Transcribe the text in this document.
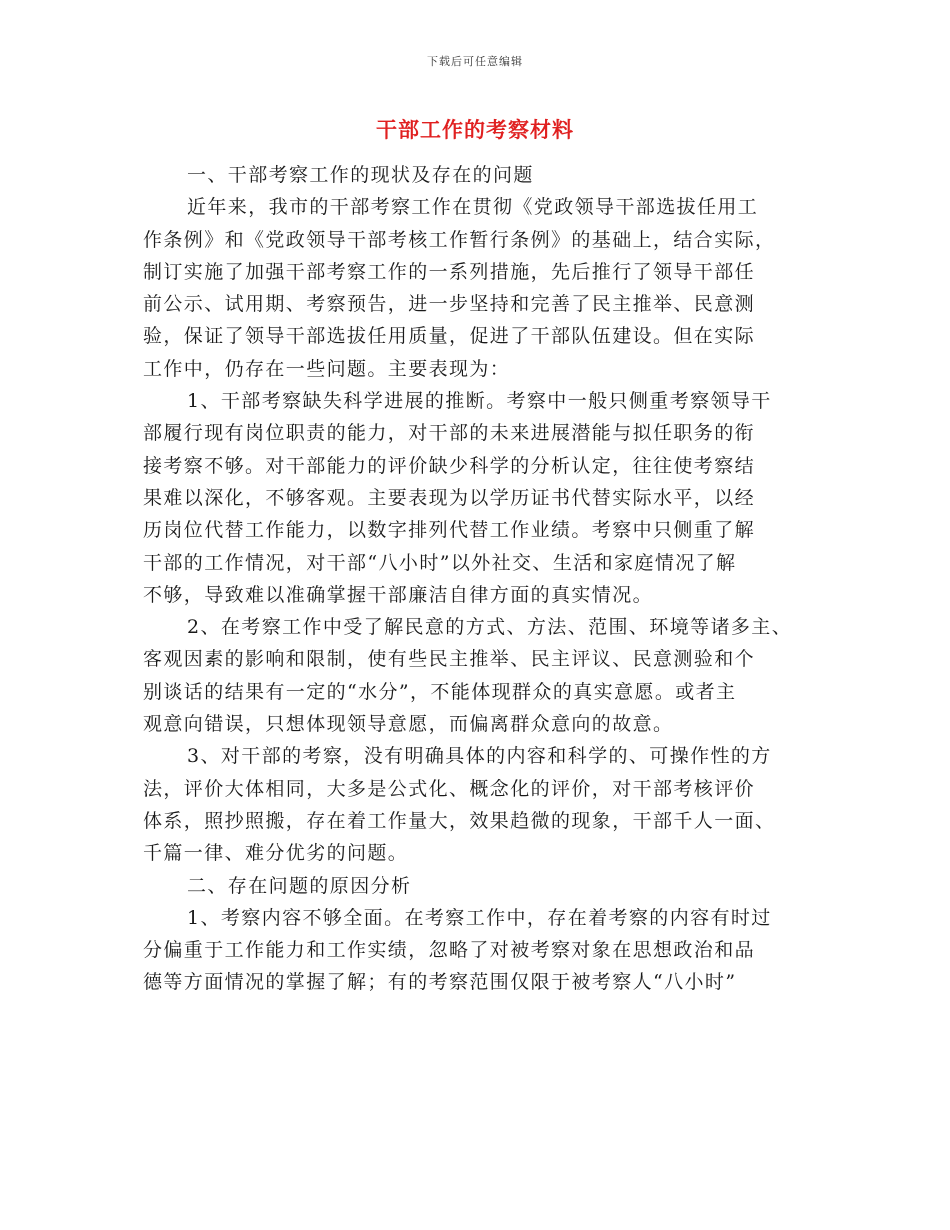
下载后可任意编辑
干部工作的考察材料
一、干部考察工作的现状及存在的问题
近年来，我市的干部考察工作在贯彻《党政领导干部选拔任用工
作条例》和《党政领导干部考核工作暂行条例》的基础上，结合实际，
制订实施了加强干部考察工作的一系列措施，先后推行了领导干部任
前公示、试用期、考察预告，进一步坚持和完善了民主推举、民意测
验，保证了领导干部选拔任用质量，促进了干部队伍建设。但在实际
工作中，仍存在一些问题。主要表现为：
1、干部考察缺失科学进展的推断。考察中一般只侧重考察领导干
部履行现有岗位职责的能力，对干部的未来进展潜能与拟任职务的衔
接考察不够。对干部能力的评价缺少科学的分析认定，往往使考察结
果难以深化，不够客观。主要表现为以学历证书代替实际水平，以经
历岗位代替工作能力，以数字排列代替工作业绩。考察中只侧重了解
干部的工作情况，对干部“八小时”以外社交、生活和家庭情况了解
不够，导致难以准确掌握干部廉洁自律方面的真实情况。
2、在考察工作中受了解民意的方式、方法、范围、环境等诸多主、
客观因素的影响和限制，使有些民主推举、民主评议、民意测验和个
别谈话的结果有一定的“水分”，不能体现群众的真实意愿。或者主
观意向错误，只想体现领导意愿，而偏离群众意向的故意。
3、对干部的考察，没有明确具体的内容和科学的、可操作性的方
法，评价大体相同，大多是公式化、概念化的评价，对干部考核评价
体系，照抄照搬，存在着工作量大，效果趋微的现象，干部千人一面、
千篇一律、难分优劣的问题。
二、存在问题的原因分析
1、考察内容不够全面。在考察工作中，存在着考察的内容有时过
分偏重于工作能力和工作实绩，忽略了对被考察对象在思想政治和品
德等方面情况的掌握了解；有的考察范围仅限于被考察人“八小时”
